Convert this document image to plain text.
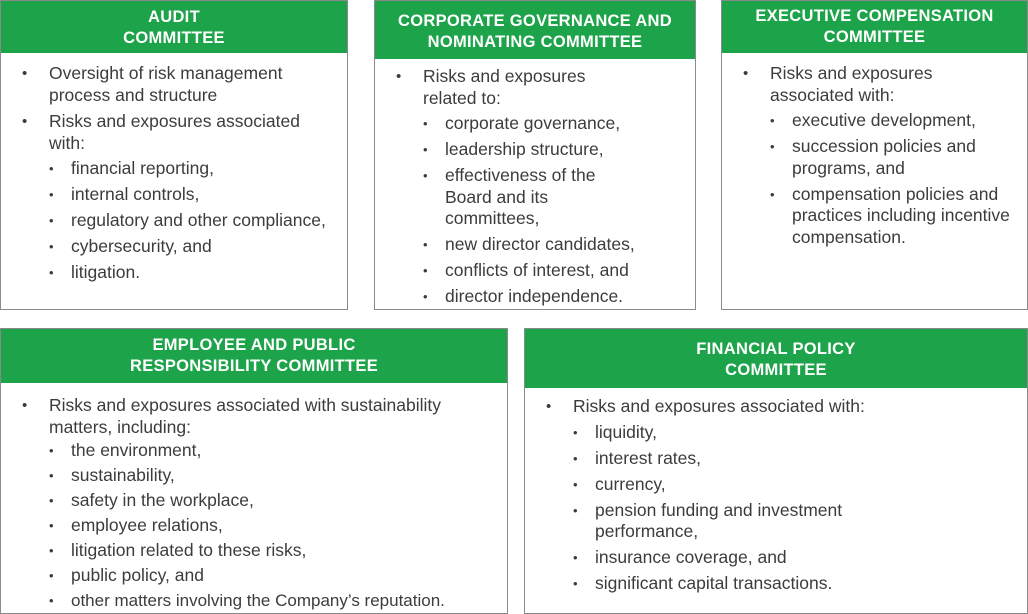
AUDIT
COMMITTEE
• Oversight of risk management process and structure
• Risks and exposures associated with:
• financial reporting,
• internal controls,
• regulatory and other compliance,
• cybersecurity, and
• litigation.
CORPORATE GOVERNANCE AND
NOMINATING COMMITTEE
• Risks and exposures related to:
• corporate governance,
• leadership structure,
• effectiveness of the Board and its committees,
• new director candidates,
• conflicts of interest, and
• director independence.
EXECUTIVE COMPENSATION
COMMITTEE
• Risks and exposures associated with:
• executive development,
• succession policies and programs, and
• compensation policies and practices including incentive compensation.
EMPLOYEE AND PUBLIC
RESPONSIBILITY COMMITTEE
• Risks and exposures associated with sustainability matters, including:
• the environment,
• sustainability,
• safety in the workplace,
• employee relations,
• litigation related to these risks,
• public policy, and
• other matters involving the Company’s reputation.
FINANCIAL POLICY
COMMITTEE
• Risks and exposures associated with:
• liquidity,
• interest rates,
• currency,
• pension funding and investment performance,
• insurance coverage, and
• significant capital transactions.
